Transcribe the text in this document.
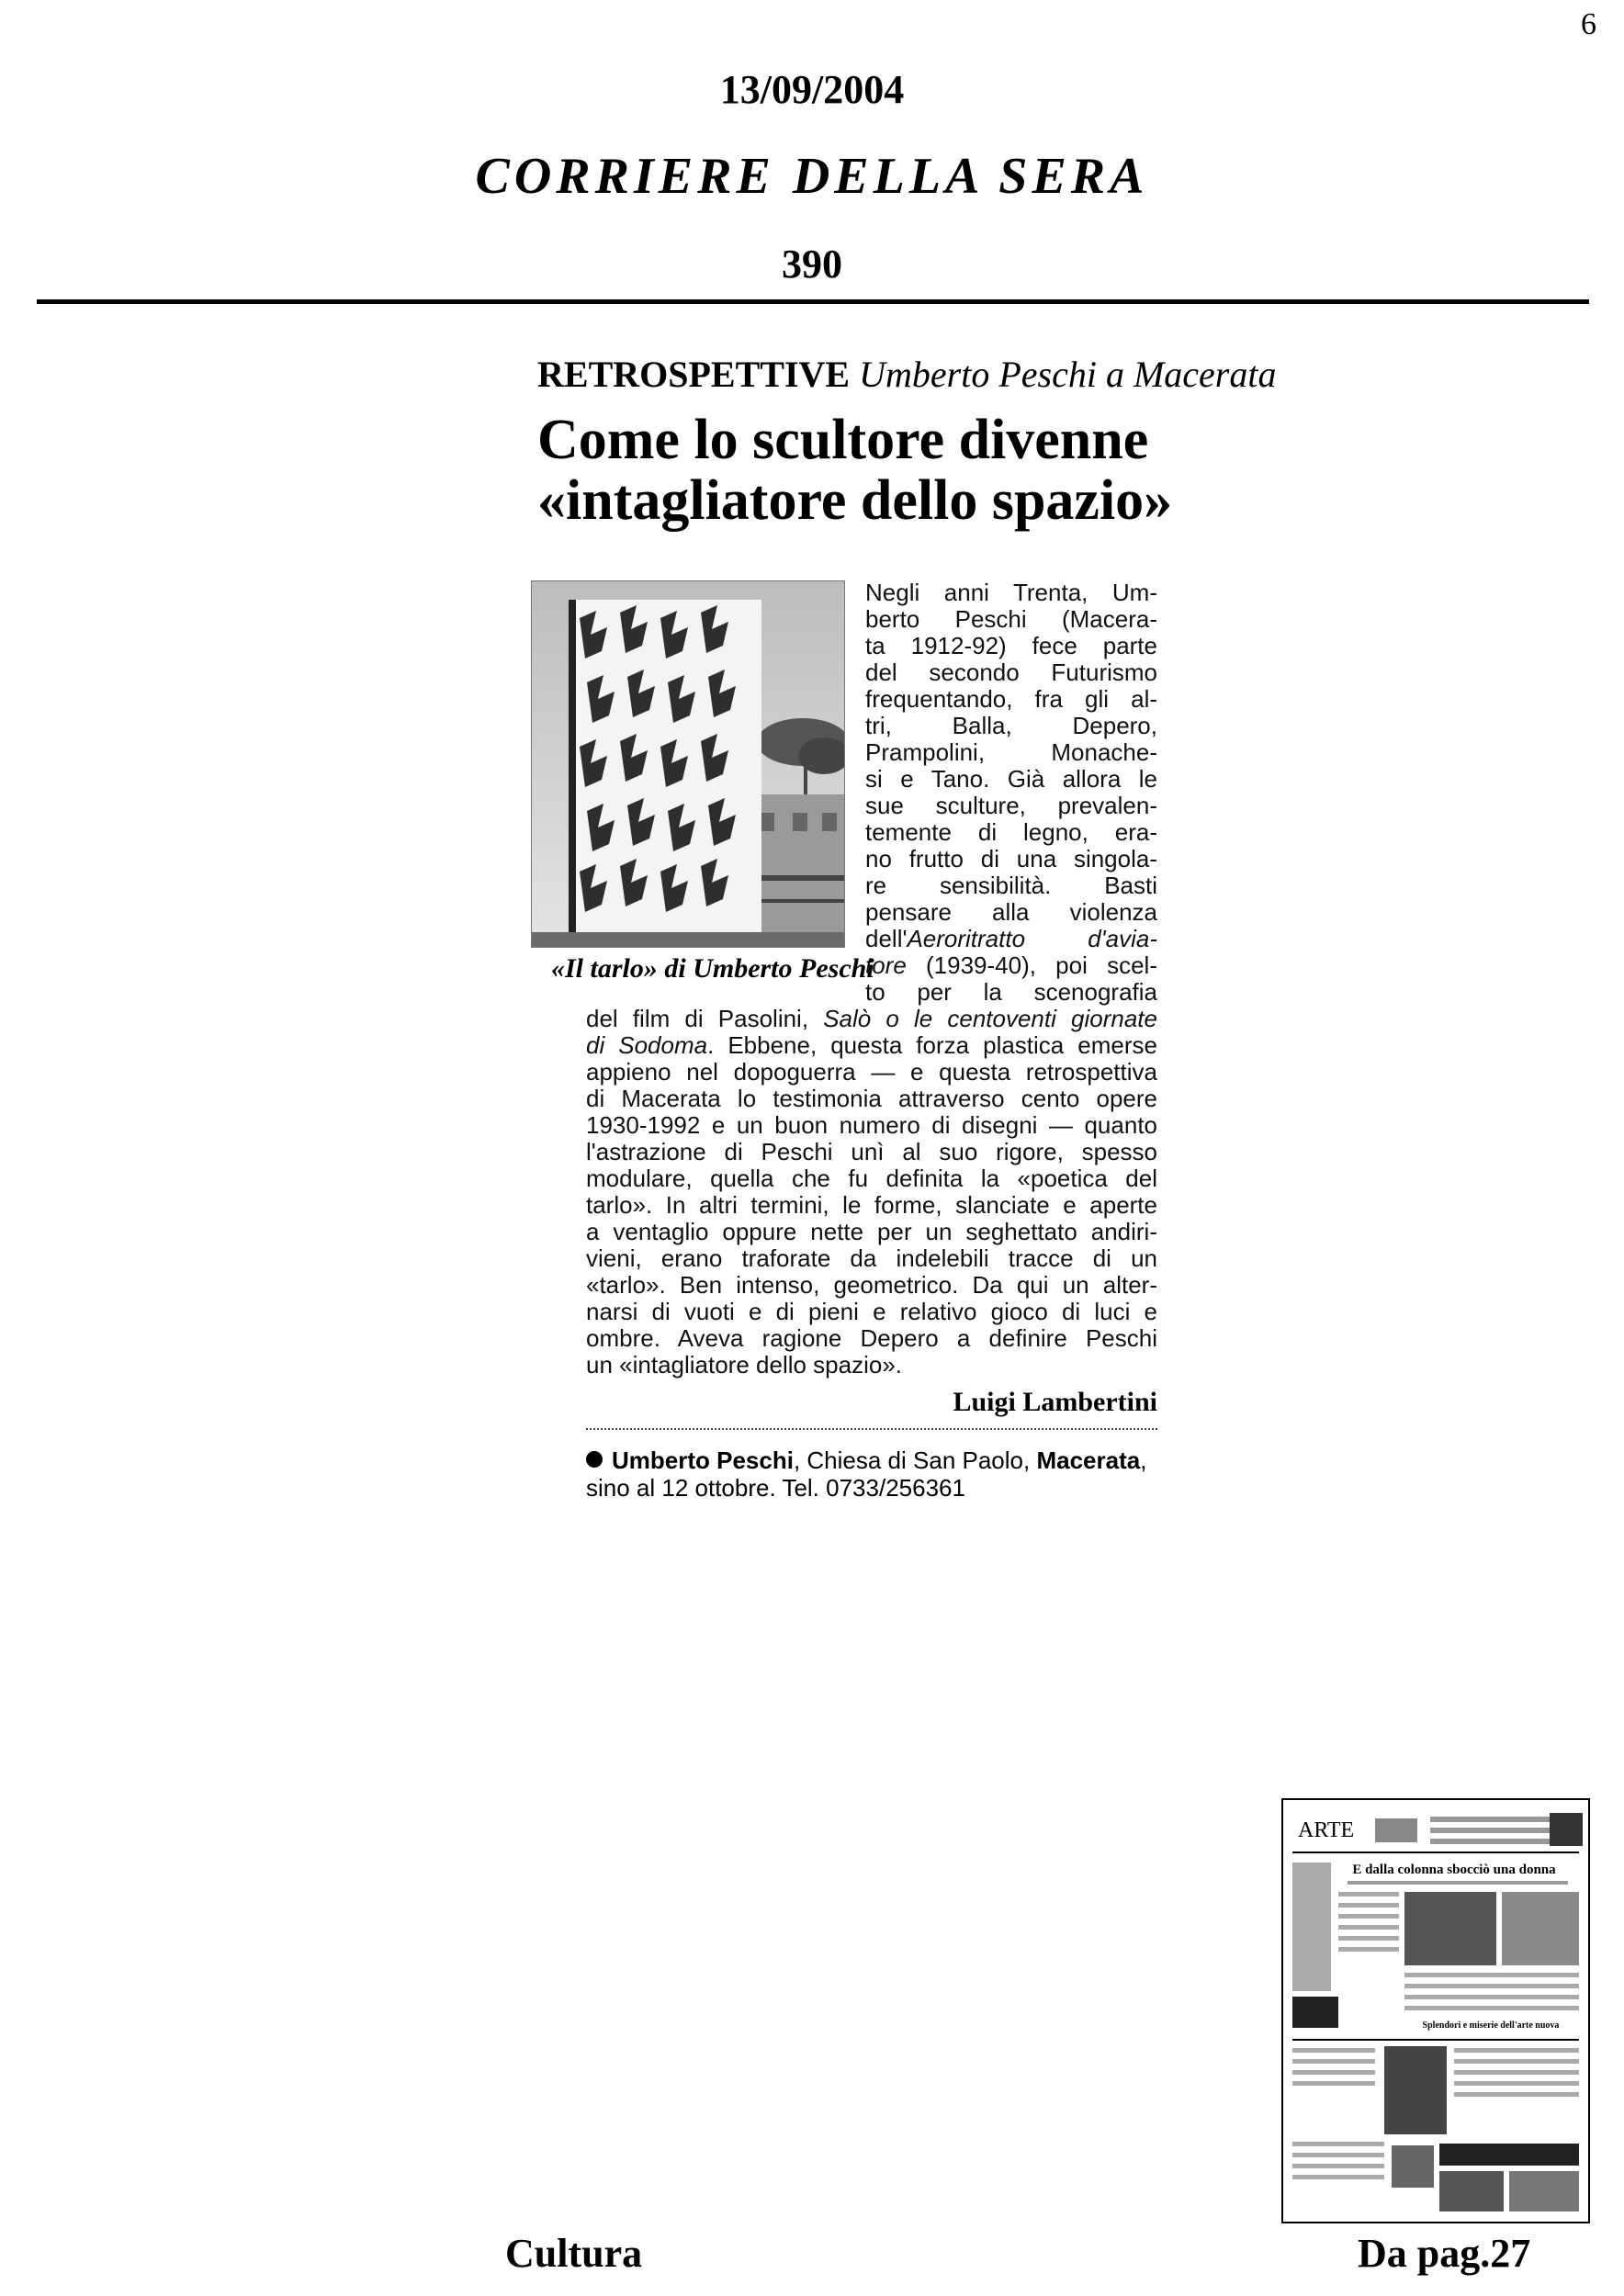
6
13/09/2004
CORRIERE DELLA SERA
390
RETROSPETTIVE Umberto Peschi a Macerata
Come lo scultore divenne
«intagliatore dello spazio»
«Il tarlo» di Umberto Peschi
Negli anni Trenta, Um-
berto Peschi (Macera-
ta 1912-92) fece parte
del secondo Futurismo
frequentando, fra gli al-
tri, Balla, Depero,
Prampolini, Monache-
si e Tano. Già allora le
sue sculture, prevalen-
temente di legno, era-
no frutto di una singola-
re sensibilità. Basti
pensare alla violenza
dell'Aeroritratto d'avia-
tore (1939-40), poi scel-
to per la scenografia
del film di Pasolini, Salò o le centoventi giornate
di Sodoma. Ebbene, questa forza plastica emerse
appieno nel dopoguerra — e questa retrospettiva
di Macerata lo testimonia attraverso cento opere
1930-1992 e un buon numero di disegni — quanto
l'astrazione di Peschi unì al suo rigore, spesso
modulare, quella che fu definita la «poetica del
tarlo». In altri termini, le forme, slanciate e aperte
a ventaglio oppure nette per un seghettato andiri-
vieni, erano traforate da indelebili tracce di un
«tarlo». Ben intenso, geometrico. Da qui un alter-
narsi di vuoti e di pieni e relativo gioco di luci e
ombre. Aveva ragione Depero a definire Peschi
un «intagliatore dello spazio».
Luigi Lambertini
Umberto Peschi, Chiesa di San Paolo, Macerata,
sino al 12 ottobre. Tel. 0733/256361
ARTE
E dalla colonna sbocciò una donna
Splendori e miserie dell'arte nuova
Cultura	Da pag.27
